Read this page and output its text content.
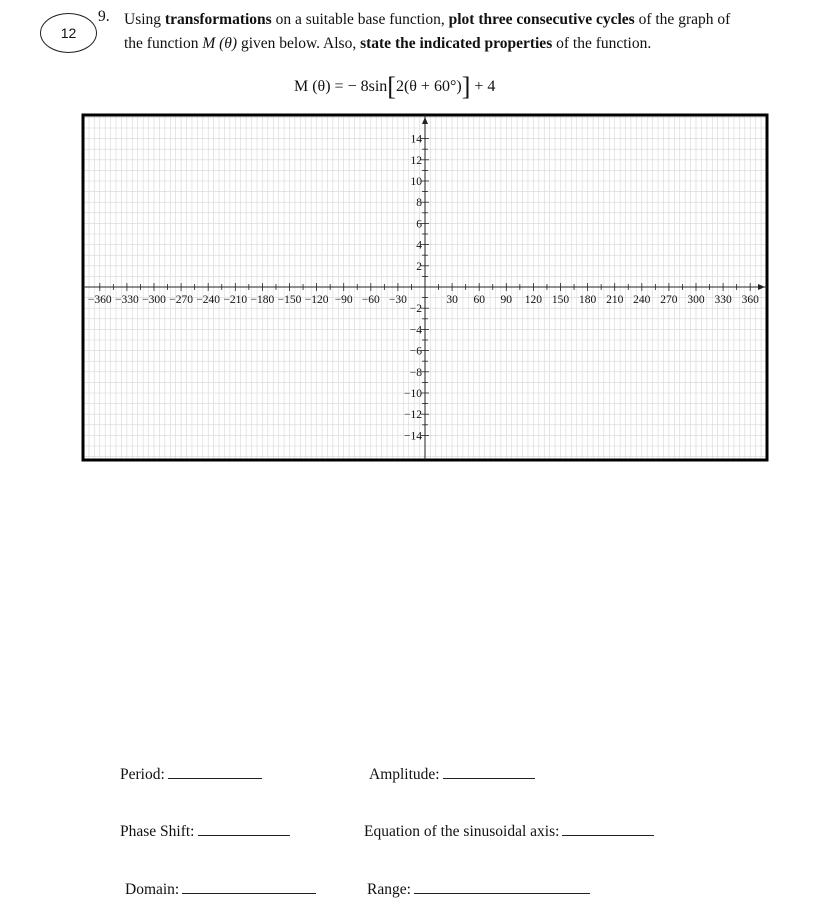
12
9. Using transformations on a suitable base function, plot three consecutive cycles of the graph of the function M (θ) given below. Also, state the indicated properties of the function.
M (θ) = − 8sin[2(θ + 60°)] + 4
−360 −330 −300 −270 −240 −210 −180 −150 −120 −90 −60 −30	30 60 90 120 150 180 210 240 270 300 330 360
14
12
10
8
6
4
2
−2
−4
−6
−8
−10
−12
−14
Period:	Amplitude:
Phase Shift:	Equation of the sinusoidal axis:
Domain:	Range:
